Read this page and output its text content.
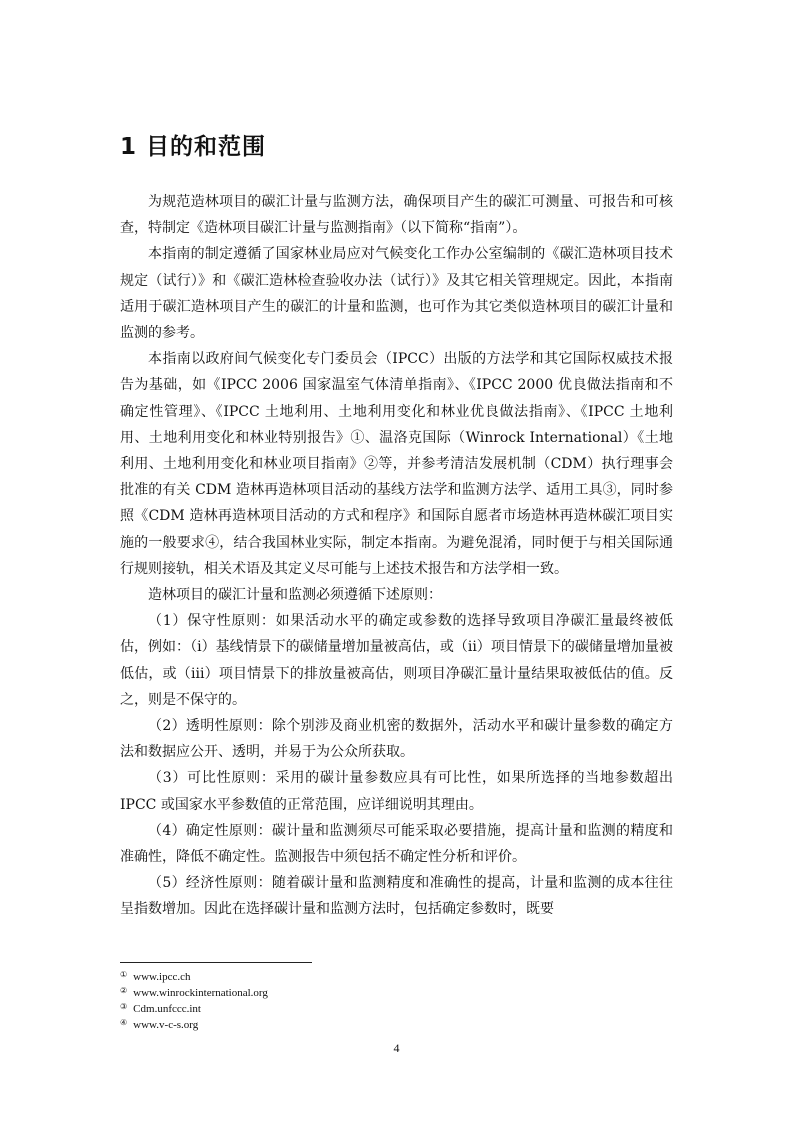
1 目的和范围

为规范造林项目的碳汇计量与监测方法，确保项目产生的碳汇可测量、可报告和可核查，特制定《造林项目碳汇计量与监测指南》（以下简称“指南”）。

本指南的制定遵循了国家林业局应对气候变化工作办公室编制的《碳汇造林项目技术规定（试行）》和《碳汇造林检查验收办法（试行）》及其它相关管理规定。因此，本指南适用于碳汇造林项目产生的碳汇的计量和监测，也可作为其它类似造林项目的碳汇计量和监测的参考。

本指南以政府间气候变化专门委员会（IPCC）出版的方法学和其它国际权威技术报告为基础，如《IPCC 2006 国家温室气体清单指南》、《IPCC 2000 优良做法指南和不确定性管理》、《IPCC 土地利用、土地利用变化和林业优良做法指南》、《IPCC 土地利用、土地利用变化和林业特别报告》①、温洛克国际（Winrock International）《土地利用、土地利用变化和林业项目指南》②等，并参考清洁发展机制（CDM）执行理事会批准的有关 CDM 造林再造林项目活动的基线方法学和监测方法学、适用工具③，同时参照《CDM 造林再造林项目活动的方式和程序》和国际自愿者市场造林再造林碳汇项目实施的一般要求④，结合我国林业实际，制定本指南。为避免混淆，同时便于与相关国际通行规则接轨，相关术语及其定义尽可能与上述技术报告和方法学相一致。

造林项目的碳汇计量和监测必须遵循下述原则：

（1）保守性原则：如果活动水平的确定或参数的选择导致项目净碳汇量最终被低估，例如：（i）基线情景下的碳储量增加量被高估，或（ii）项目情景下的碳储量增加量被低估，或（iii）项目情景下的排放量被高估，则项目净碳汇量计量结果取被低估的值。反之，则是不保守的。

（2）透明性原则：除个别涉及商业机密的数据外，活动水平和碳计量参数的确定方法和数据应公开、透明，并易于为公众所获取。

（3）可比性原则：采用的碳计量参数应具有可比性，如果所选择的当地参数超出 IPCC 或国家水平参数值的正常范围，应详细说明其理由。

（4）确定性原则：碳计量和监测须尽可能采取必要措施，提高计量和监测的精度和准确性，降低不确定性。监测报告中须包括不确定性分析和评价。

（5）经济性原则：随着碳计量和监测精度和准确性的提高，计量和监测的成本往往呈指数增加。因此在选择碳计量和监测方法时，包括确定参数时，既要

① www.ipcc.ch
② www.winrockinternational.org
③ Cdm.unfccc.int
④ www.v-c-s.org
4
